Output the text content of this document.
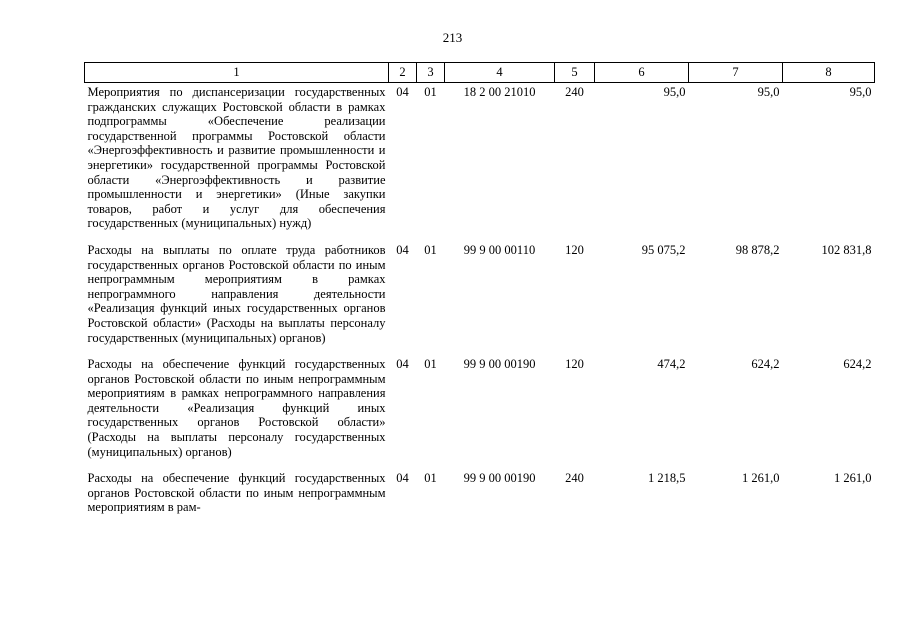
213
1	2	3	4	5	6	7	8
Мероприятия по диспансеризации государственных гражданских служащих Ростовской области в рамках подпрограммы «Обеспечение реализации государственной программы Ростовской области «Энергоэффективность и развитие промышленности и энергетики» государственной программы Ростовской области «Энергоэффективность и развитие промышленности и энергетики» (Иные закупки товаров, работ и услуг для обеспечения государственных (муниципальных) нужд)	04	01	18 2 00 21010	240	95,0	95,0	95,0
Расходы на выплаты по оплате труда работников государственных органов Ростовской области по иным непрограммным мероприятиям в рамках непрограммного направления деятельности «Реализация функций иных государственных органов Ростовской области» (Расходы на выплаты персоналу государственных (муниципальных) органов)	04	01	99 9 00 00110	120	95 075,2	98 878,2	102 831,8
Расходы на обеспечение функций государственных органов Ростовской области по иным непрограммным мероприятиям в рамках непрограммного направления деятельности «Реализация функций иных государственных органов Ростовской области» (Расходы на выплаты персоналу государственных (муниципальных) органов)	04	01	99 9 00 00190	120	474,2	624,2	624,2
Расходы на обеспечение функций государственных органов Ростовской области по иным непрограммным мероприятиям в рам-	04	01	99 9 00 00190	240	1 218,5	1 261,0	1 261,0
